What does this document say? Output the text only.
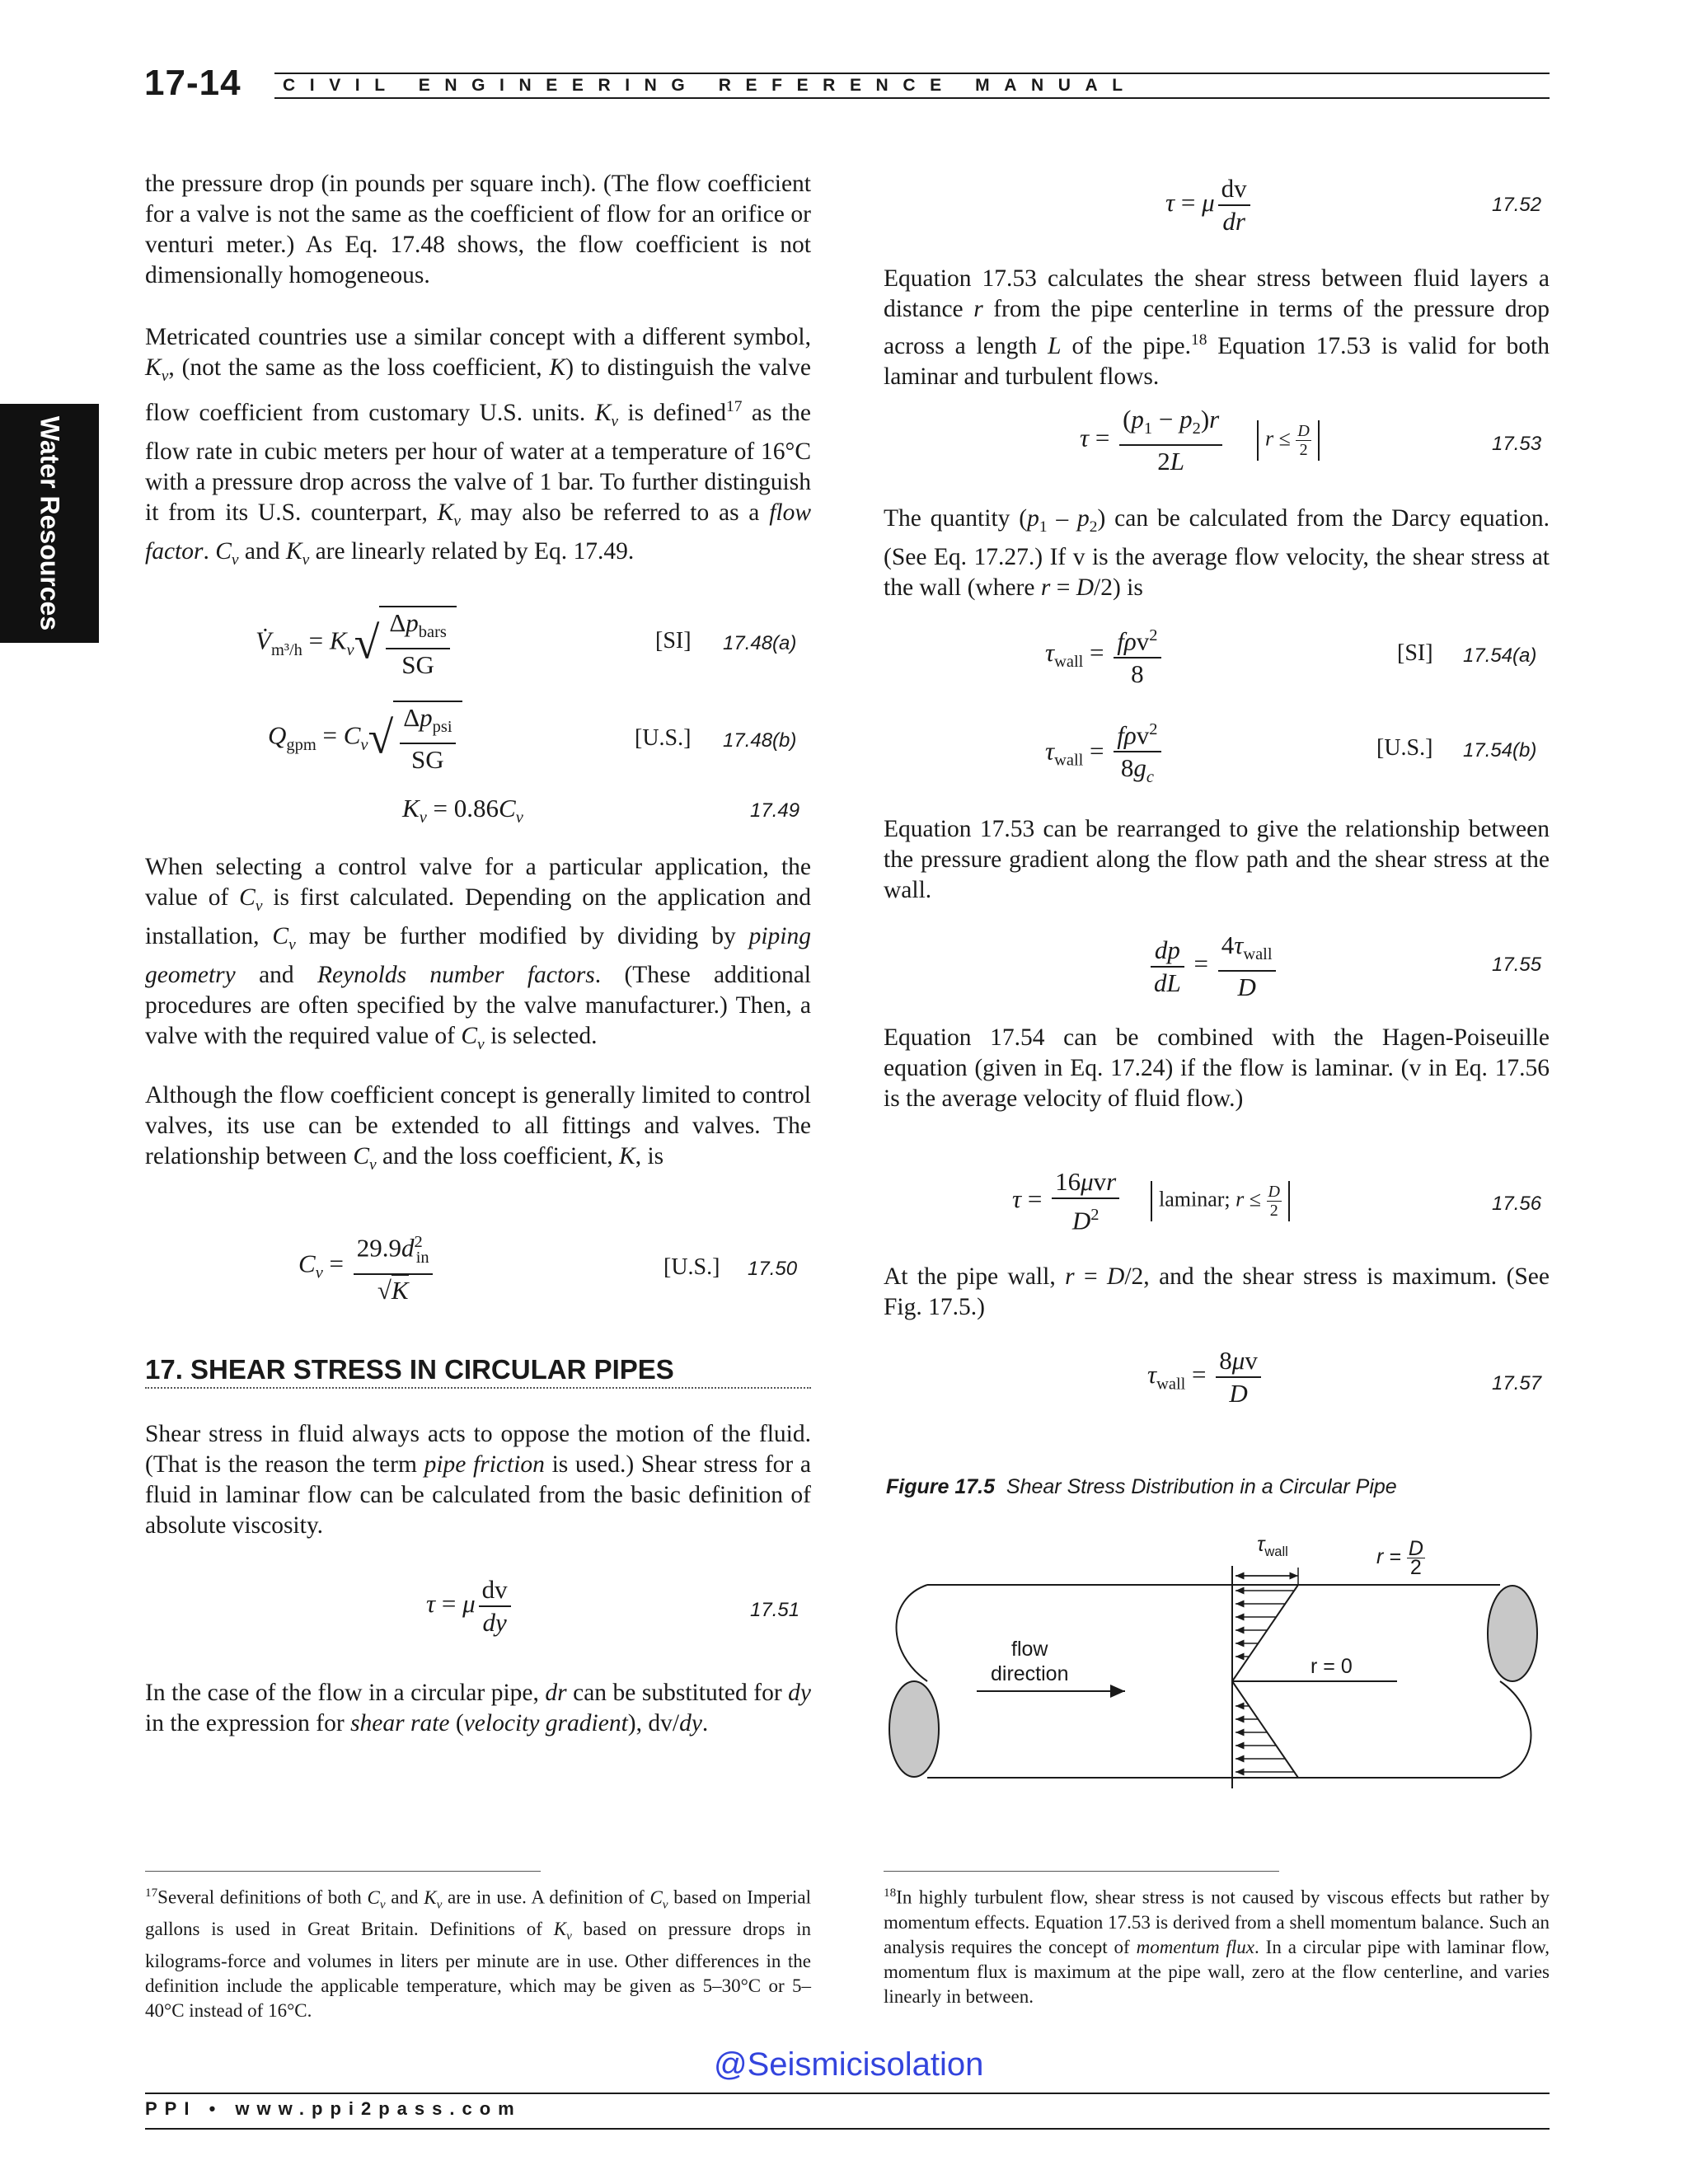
17-14 CIVIL ENGINEERING REFERENCE MANUAL
Water Resources

the pressure drop (in pounds per square inch). (The flow coefficient for a valve is not the same as the coefficient of flow for an orifice or venturi meter.) As Eq. 17.48 shows, the flow coefficient is not dimensionally homogeneous.

Metricated countries use a similar concept with a different symbol, $K_v$, (not the same as the loss coefficient, K) to distinguish the valve flow coefficient from customary U.S. units. $K_v$ is defined$^{17}$ as the flow rate in cubic meters per hour of water at a temperature of 16°C with a pressure drop across the valve of 1 bar. To further distinguish it from its U.S. counterpart, $K_v$ may also be referred to as a flow factor. $C_v$ and $K_v$ are linearly related by Eq. 17.49.

$V̇_{m^3/h} = K_v√ \frac{\Delta p_{bars}}{SG}$	[SI] 17.48(a)
$Q_{gpm} = C_v√ \frac{\Delta p_{psi}}{SG}$	[U.S.] 17.48(b)
$K_v = 0.86C_v$	17.49

When selecting a control valve for a particular application, the value of $C_v$ is first calculated. Depending on the application and installation, $C_v$ may be further modified by dividing by piping geometry and Reynolds number factors. (These additional procedures are often specified by the valve manufacturer.) Then, a valve with the required value of $C_v$ is selected.

Although the flow coefficient concept is generally limited to control valves, its use can be extended to all fittings and valves. The relationship between $C_v$ and the loss coefficient, K, is

$C_v = \frac{29.9d^2_{in}}{√K}$	[U.S.] 17.50
17. SHEAR STRESS IN CIRCULAR PIPES

Shear stress in fluid always acts to oppose the motion of the fluid. (That is the reason the term pipe friction is used.) Shear stress for a fluid in laminar flow can be calculated from the basic definition of absolute viscosity.

τ = μ $\frac{dv}{dy}$	17.51

In the case of the flow in a circular pipe, dr can be substituted for dy in the expression for shear rate (velocity gradient), dv/dy.

τ = μ $\frac{dv}{dr}$	17.52

Equation 17.53 calculates the shear stress between fluid layers a distance r from the pipe centerline in terms of the pressure drop across a length L of the pipe.$^{18}$ Equation 17.53 is valid for both laminar and turbulent flows.

$\tau = \frac{(p_1 - p_2)r}{2L}$ $r \le \frac{D}{2}$	17.53

The quantity $(p_1 - p_2)$ can be calculated from the Darcy equation. (See Eq. 17.27.) If v is the average flow velocity, the shear stress at the wall (where r = D/2) is

$\tau_{wall} = \frac{f\rho v^2}{8}$	[SI] 17.54(a)
$\tau_{wall} = \frac{f\rho v^2}{8g_c}$	[U.S.] 17.54(b)

Equation 17.53 can be rearranged to give the relationship between the pressure gradient along the flow path and the shear stress at the wall.

$\frac{dp}{dL} = \frac{4\tau_{wall}}{D}$	17.55

Equation 17.54 can be combined with the Hagen-Poiseuille equation (given in Eq. 17.24) if the flow is laminar. (v in Eq. 17.56 is the average velocity of fluid flow.)

$\tau = \frac{\text{16μvr}}{D^2}$ laminar; $r \le \frac{D}{2}$	17.56

At the pipe wall, r = D/2, and the shear stress is maximum. (See Fig. 17.5.)

$\tau_{wall} = \frac{8\mu v}{D}$	17.57
Figure 17.5 Shear Stress Distribution in a Circular Pipe
flow
direction
$\tau_{wall}$	$r = \frac{D}{2}$
r = 0

$^{17}$Several definitions of both $C_v$ and $K_v$ are in use. A definition of $C_v$ based on Imperial gallons is used in Great Britain. Definitions of $K_v$ based on pressure drops in kilograms-force and volumes in liters per minute are in use. Other differences in the definition include the applicable temperature, which may be given as 5–30°C or 5–40°C instead of 16°C.

$^{18}$In highly turbulent flow, shear stress is not caused by viscous effects but rather by momentum effects. Equation 17.53 is derived from a shell momentum balance. Such an analysis requires the concept of momentum flux. In a circular pipe with laminar flow, momentum flux is maximum at the pipe wall, zero at the flow centerline, and varies linearly in between.

@Seismicisolation
PPI • www.ppi2pass.com
